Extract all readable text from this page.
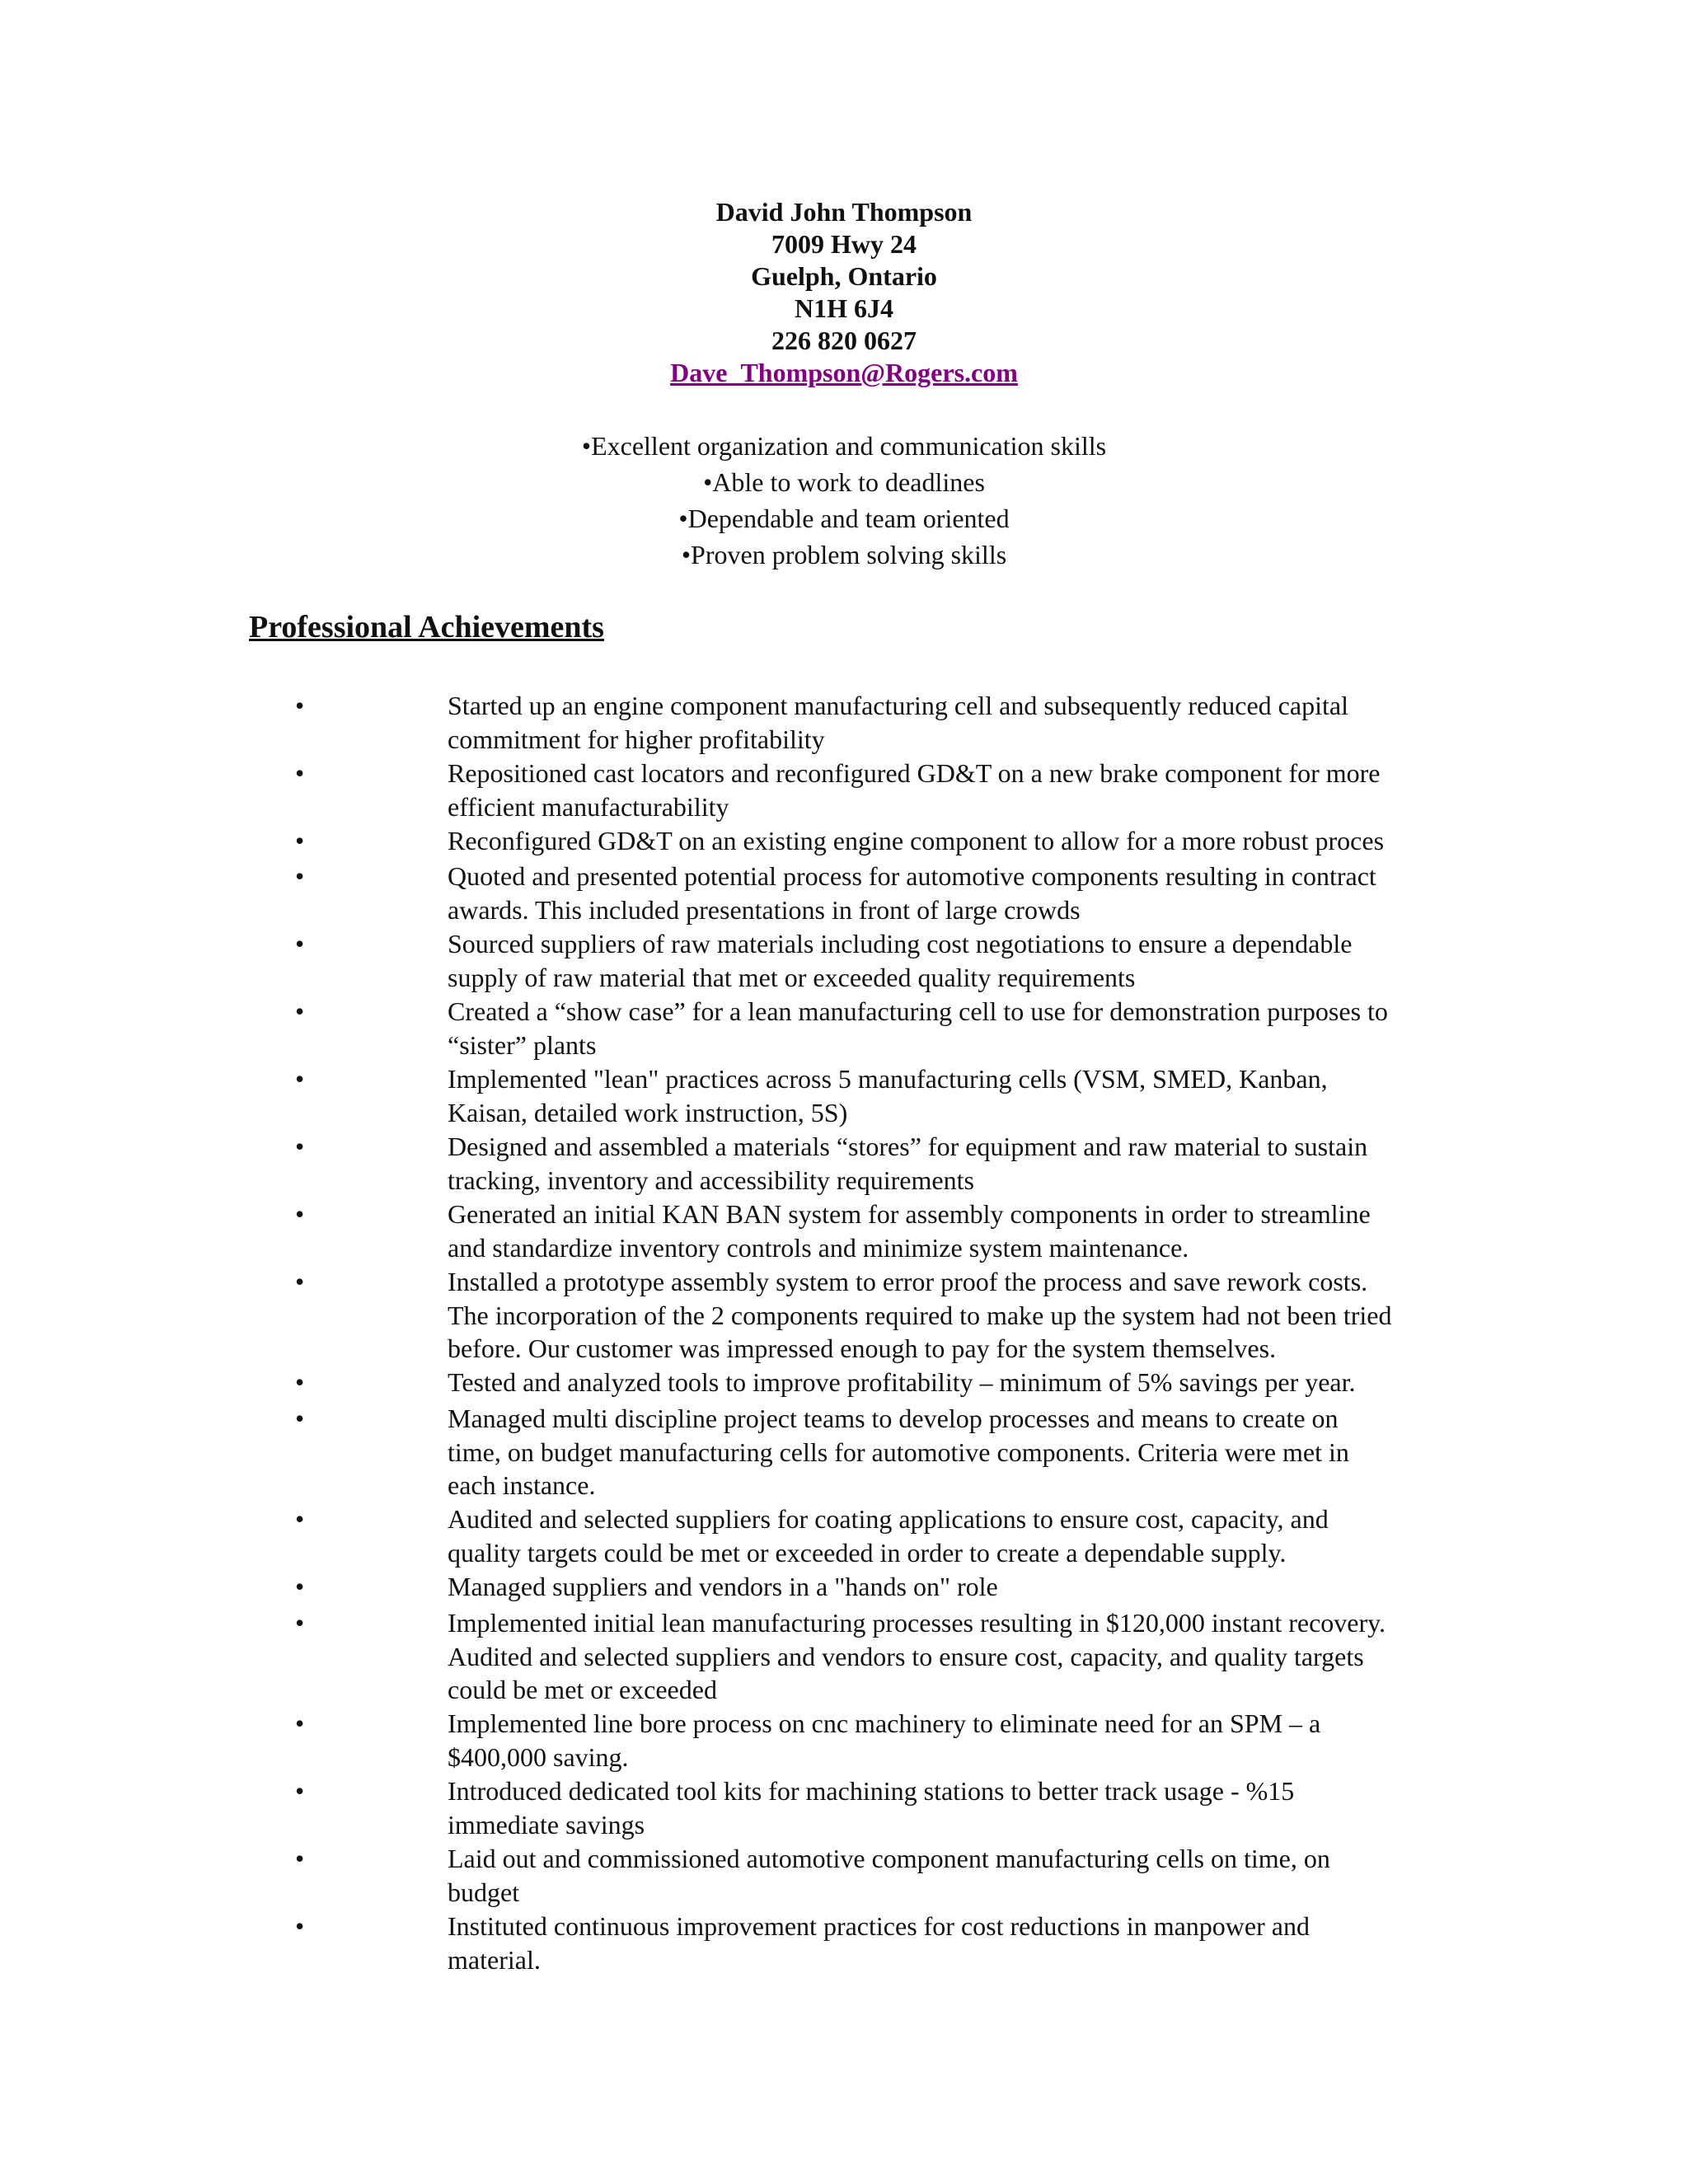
David John Thompson
7009 Hwy 24
Guelph, Ontario
N1H 6J4
226 820 0627
Dave_Thompson@Rogers.com
•Excellent organization and communication skills
•Able to work to deadlines
•Dependable and team oriented
•Proven problem solving skills
Professional Achievements
•	Started up an engine component manufacturing cell and subsequently reduced capital
commitment for higher profitability
•	Repositioned cast locators and reconfigured GD&T on a new brake component for more
efficient manufacturability
•	Reconfigured GD&T on an existing engine component to allow for a more robust proces
•	Quoted and presented potential process for automotive components resulting in contract
awards. This included presentations in front of large crowds
•	Sourced suppliers of raw materials including cost negotiations to ensure a dependable
supply of raw material that met or exceeded quality requirements
•	Created a “show case” for a lean manufacturing cell to use for demonstration purposes to
“sister” plants
•	Implemented "lean" practices across 5 manufacturing cells (VSM, SMED, Kanban,
Kaisan, detailed work instruction, 5S)
•	Designed and assembled a materials “stores” for equipment and raw material to sustain
tracking, inventory and accessibility requirements
•	Generated an initial KAN BAN system for assembly components in order to streamline
and standardize inventory controls and minimize system maintenance.
•	Installed a prototype assembly system to error proof the process and save rework costs.
The incorporation of the 2 components required to make up the system had not been tried
before. Our customer was impressed enough to pay for the system themselves.
•	Tested and analyzed tools to improve profitability – minimum of 5% savings per year.
•	Managed multi discipline project teams to develop processes and means to create on
time, on budget manufacturing cells for automotive components. Criteria were met in
each instance.
•	Audited and selected suppliers for coating applications to ensure cost, capacity, and
quality targets could be met or exceeded in order to create a dependable supply.
•	Managed suppliers and vendors in a "hands on" role
•	Implemented initial lean manufacturing processes resulting in $120,000 instant recovery.
Audited and selected suppliers and vendors to ensure cost, capacity, and quality targets
could be met or exceeded
•	Implemented line bore process on cnc machinery to eliminate need for an SPM – a
$400,000 saving.
•	Introduced dedicated tool kits for machining stations to better track usage - %15
immediate savings
•	Laid out and commissioned automotive component manufacturing cells on time, on
budget
•	Instituted continuous improvement practices for cost reductions in manpower and
material.
